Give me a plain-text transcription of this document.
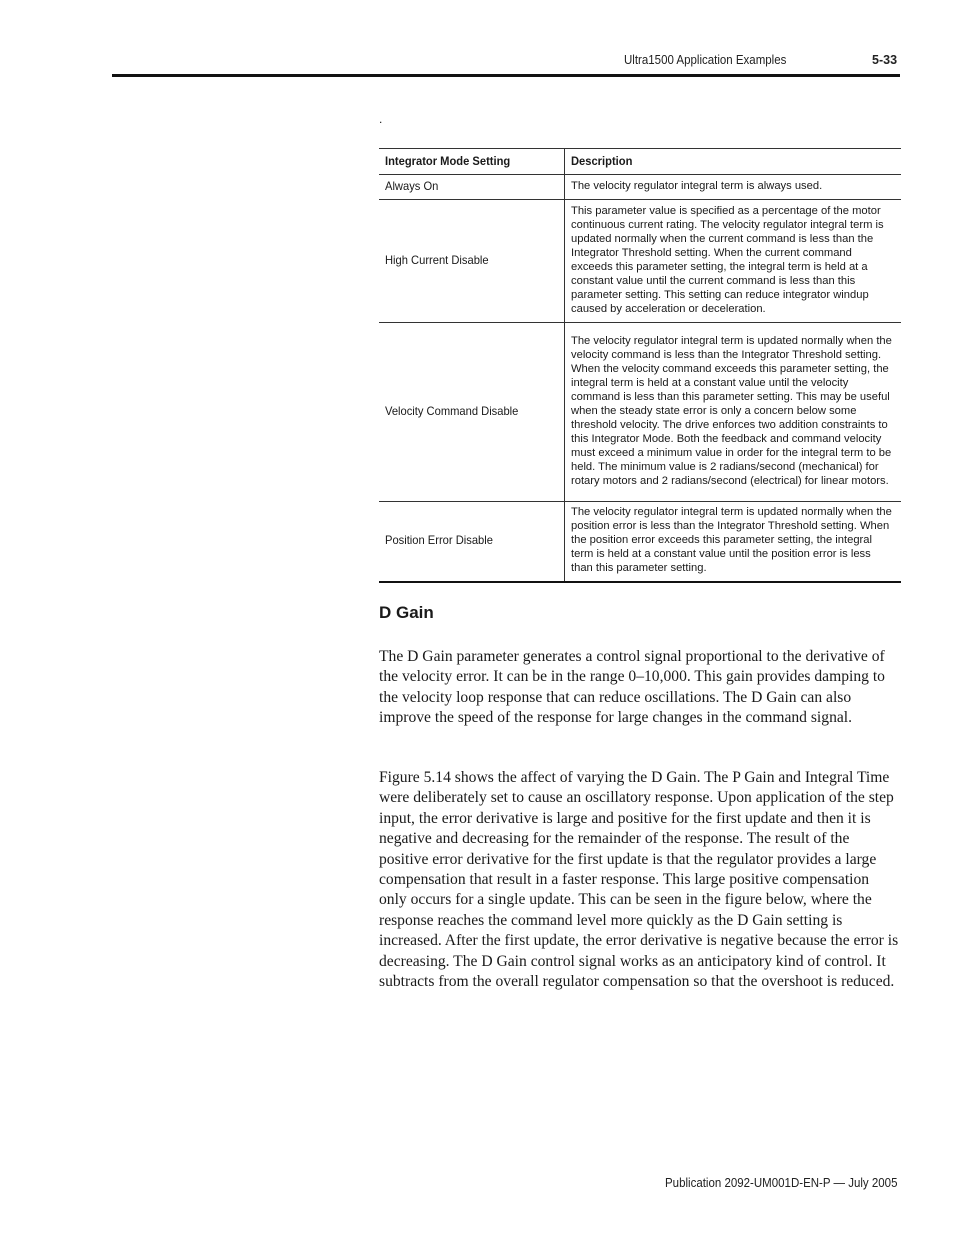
Ultra1500 Application Examples	5-33
.
Integrator Mode Setting	Description
Always On	The velocity regulator integral term is always used.
High Current Disable	This parameter value is specified as a percentage of the motor continuous current rating. The velocity regulator integral term is updated normally when the current command is less than the Integrator Threshold setting. When the current command exceeds this parameter setting, the integral term is held at a constant value until the current command is less than this parameter setting. This setting can reduce integrator windup caused by acceleration or deceleration.
Velocity Command Disable	The velocity regulator integral term is updated normally when the velocity command is less than the Integrator Threshold setting. When the velocity command exceeds this parameter setting, the integral term is held at a constant value until the velocity command is less than this parameter setting. This may be useful when the steady state error is only a concern below some threshold velocity. The drive enforces two addition constraints to this Integrator Mode. Both the feedback and command velocity must exceed a minimum value in order for the integral term to be held. The minimum value is 2 radians/second (mechanical) for rotary motors and 2 radians/second (electrical) for linear motors.
Position Error Disable	The velocity regulator integral term is updated normally when the position error is less than the Integrator Threshold setting. When the position error exceeds this parameter setting, the integral term is held at a constant value until the position error is less than this parameter setting.
D Gain
The D Gain parameter generates a control signal proportional to the derivative of the velocity error. It can be in the range 0–10,000. This gain provides damping to the velocity loop response that can reduce oscillations. The D Gain can also improve the speed of the response for large changes in the command signal.
Figure 5.14 shows the affect of varying the D Gain. The P Gain and Integral Time were deliberately set to cause an oscillatory response. Upon application of the step input, the error derivative is large and positive for the first update and then it is negative and decreasing for the remainder of the response. The result of the positive error derivative for the first update is that the regulator provides a large compensation that result in a faster response. This large positive compensation only occurs for a single update. This can be seen in the figure below, where the response reaches the command level more quickly as the D Gain setting is increased. After the first update, the error derivative is negative because the error is decreasing. The D Gain control signal works as an anticipatory kind of control. It subtracts from the overall regulator compensation so that the overshoot is reduced.
Publication 2092-UM001D-EN-P — July 2005
